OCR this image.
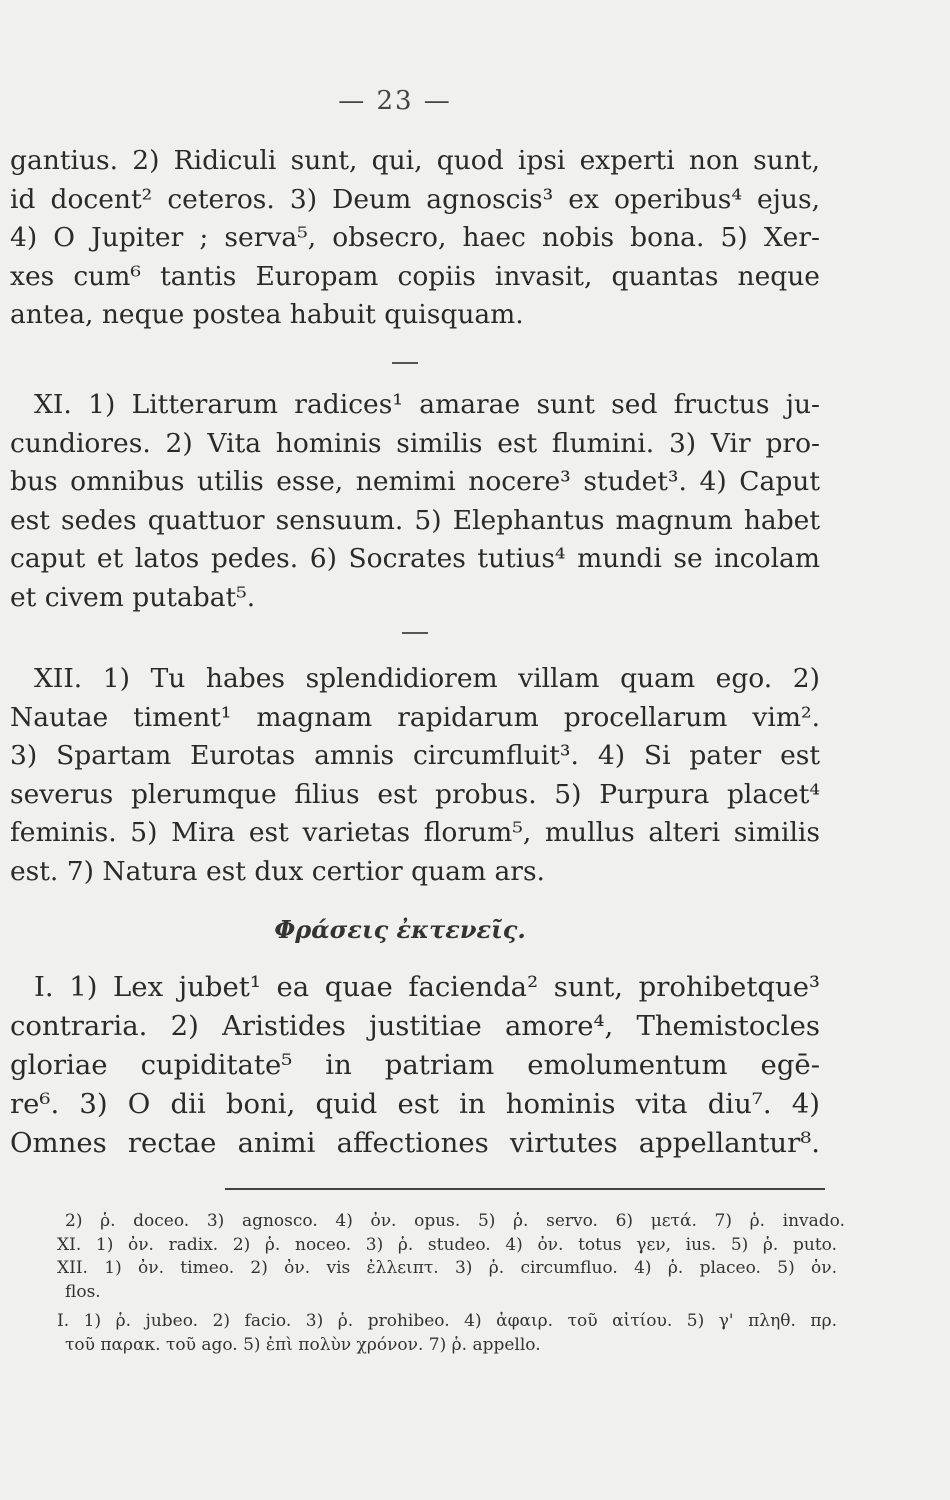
— 23 —
gantius. 2) Ridiculi sunt, qui, quod ipsi experti non sunt,
id docent² ceteros. 3) Deum agnoscis³ ex operibus⁴ ejus,
4) O Jupiter ; serva⁵, obsecro, haec nobis bona. 5) Xer-
xes cum⁶ tantis Europam copiis invasit, quantas neque
antea, neque postea habuit quisquam.
XI. 1) Litterarum radices¹ amarae sunt sed fructus ju-
cundiores. 2) Vita hominis similis est flumini. 3) Vir pro-
bus omnibus utilis esse, nemimi nocere³ studet³. 4) Caput
est sedes quattuor sensuum. 5) Elephantus magnum habet
caput et latos pedes. 6) Socrates tutius⁴ mundi se incolam
et civem putabat⁵.
XII. 1) Tu habes splendidiorem villam quam ego. 2)
Nautae timent¹ magnam rapidarum procellarum vim².
3) Spartam Eurotas amnis circumfluit³. 4) Si pater est
severus plerumque filius est probus. 5) Purpura placet⁴
feminis. 5) Mira est varietas florum⁵, mullus alteri similis
est. 7) Natura est dux certior quam ars.
Φράσεις ἐκτενεῖς.
I. 1) Lex jubet¹ ea quae facienda² sunt, prohibetque³
contraria. 2) Aristides justitiae amore⁴, Themistocles
gloriae cupiditate⁵ in patriam emolumentum egē-
re⁶. 3) O dii boni, quid est in hominis vita diu⁷. 4)
Omnes rectae animi affectiones virtutes appellantur⁸.
2) ῥ. doceo. 3) agnosco. 4) ὀν. opus. 5) ῥ. servo. 6) μετά. 7) ῥ. invado.
XI. 1) ὀν. radix. 2) ῥ. noceo. 3) ῥ. studeo. 4) ὀν. totus γεν, ius. 5) ῥ. puto.
XII. 1) ὀν. timeo. 2) ὀν. vis ἐλλειπτ. 3) ῥ. circumfluo. 4) ῥ. placeo. 5) ὀν.
flos.
I. 1) ῥ. jubeo. 2) facio. 3) ῥ. prohibeo. 4) ἀφαιρ. τοῦ αἰτίου. 5) γ' πληθ. πρ.
τοῦ παρακ. τοῦ ago. 5) ἐπὶ πολὺν χρόνον. 7) ῥ. appello.
